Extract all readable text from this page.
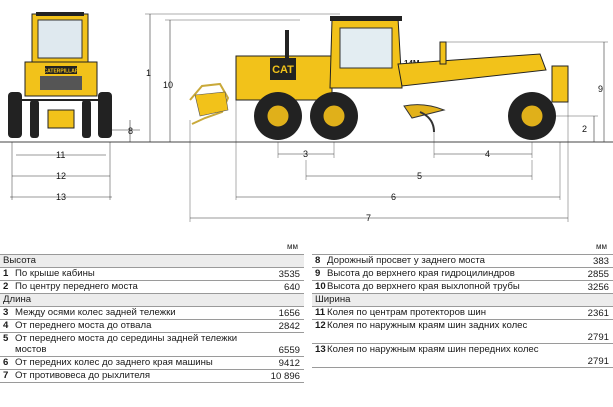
CATERPILLAR
8
11
12
13
1
10
CAT
9
2
3	4
5
6
7
мм
Высота
1 По крыше кабины	3535
2 По центру переднего моста	640
Длина
3 Между осями колес задней тележки	1656
4 От переднего моста до отвала	2842
5 От переднего моста до середины задней тележки мостов	6559
6 От передних колес до заднего края машины	9412
7 От противовеса до рыхлителя	10 896
мм
8 Дорожный просвет у заднего моста	383
9 Высота до верхнего края гидроцилиндров	2855
10 Высота до верхнего края выхлопной трубы	3256
Ширина
11 Колея по центрам протекторов шин	2361
12 Колея по наружным краям шин задних колес
2791
13 Колея по наружным краям шин передних колес
2791
